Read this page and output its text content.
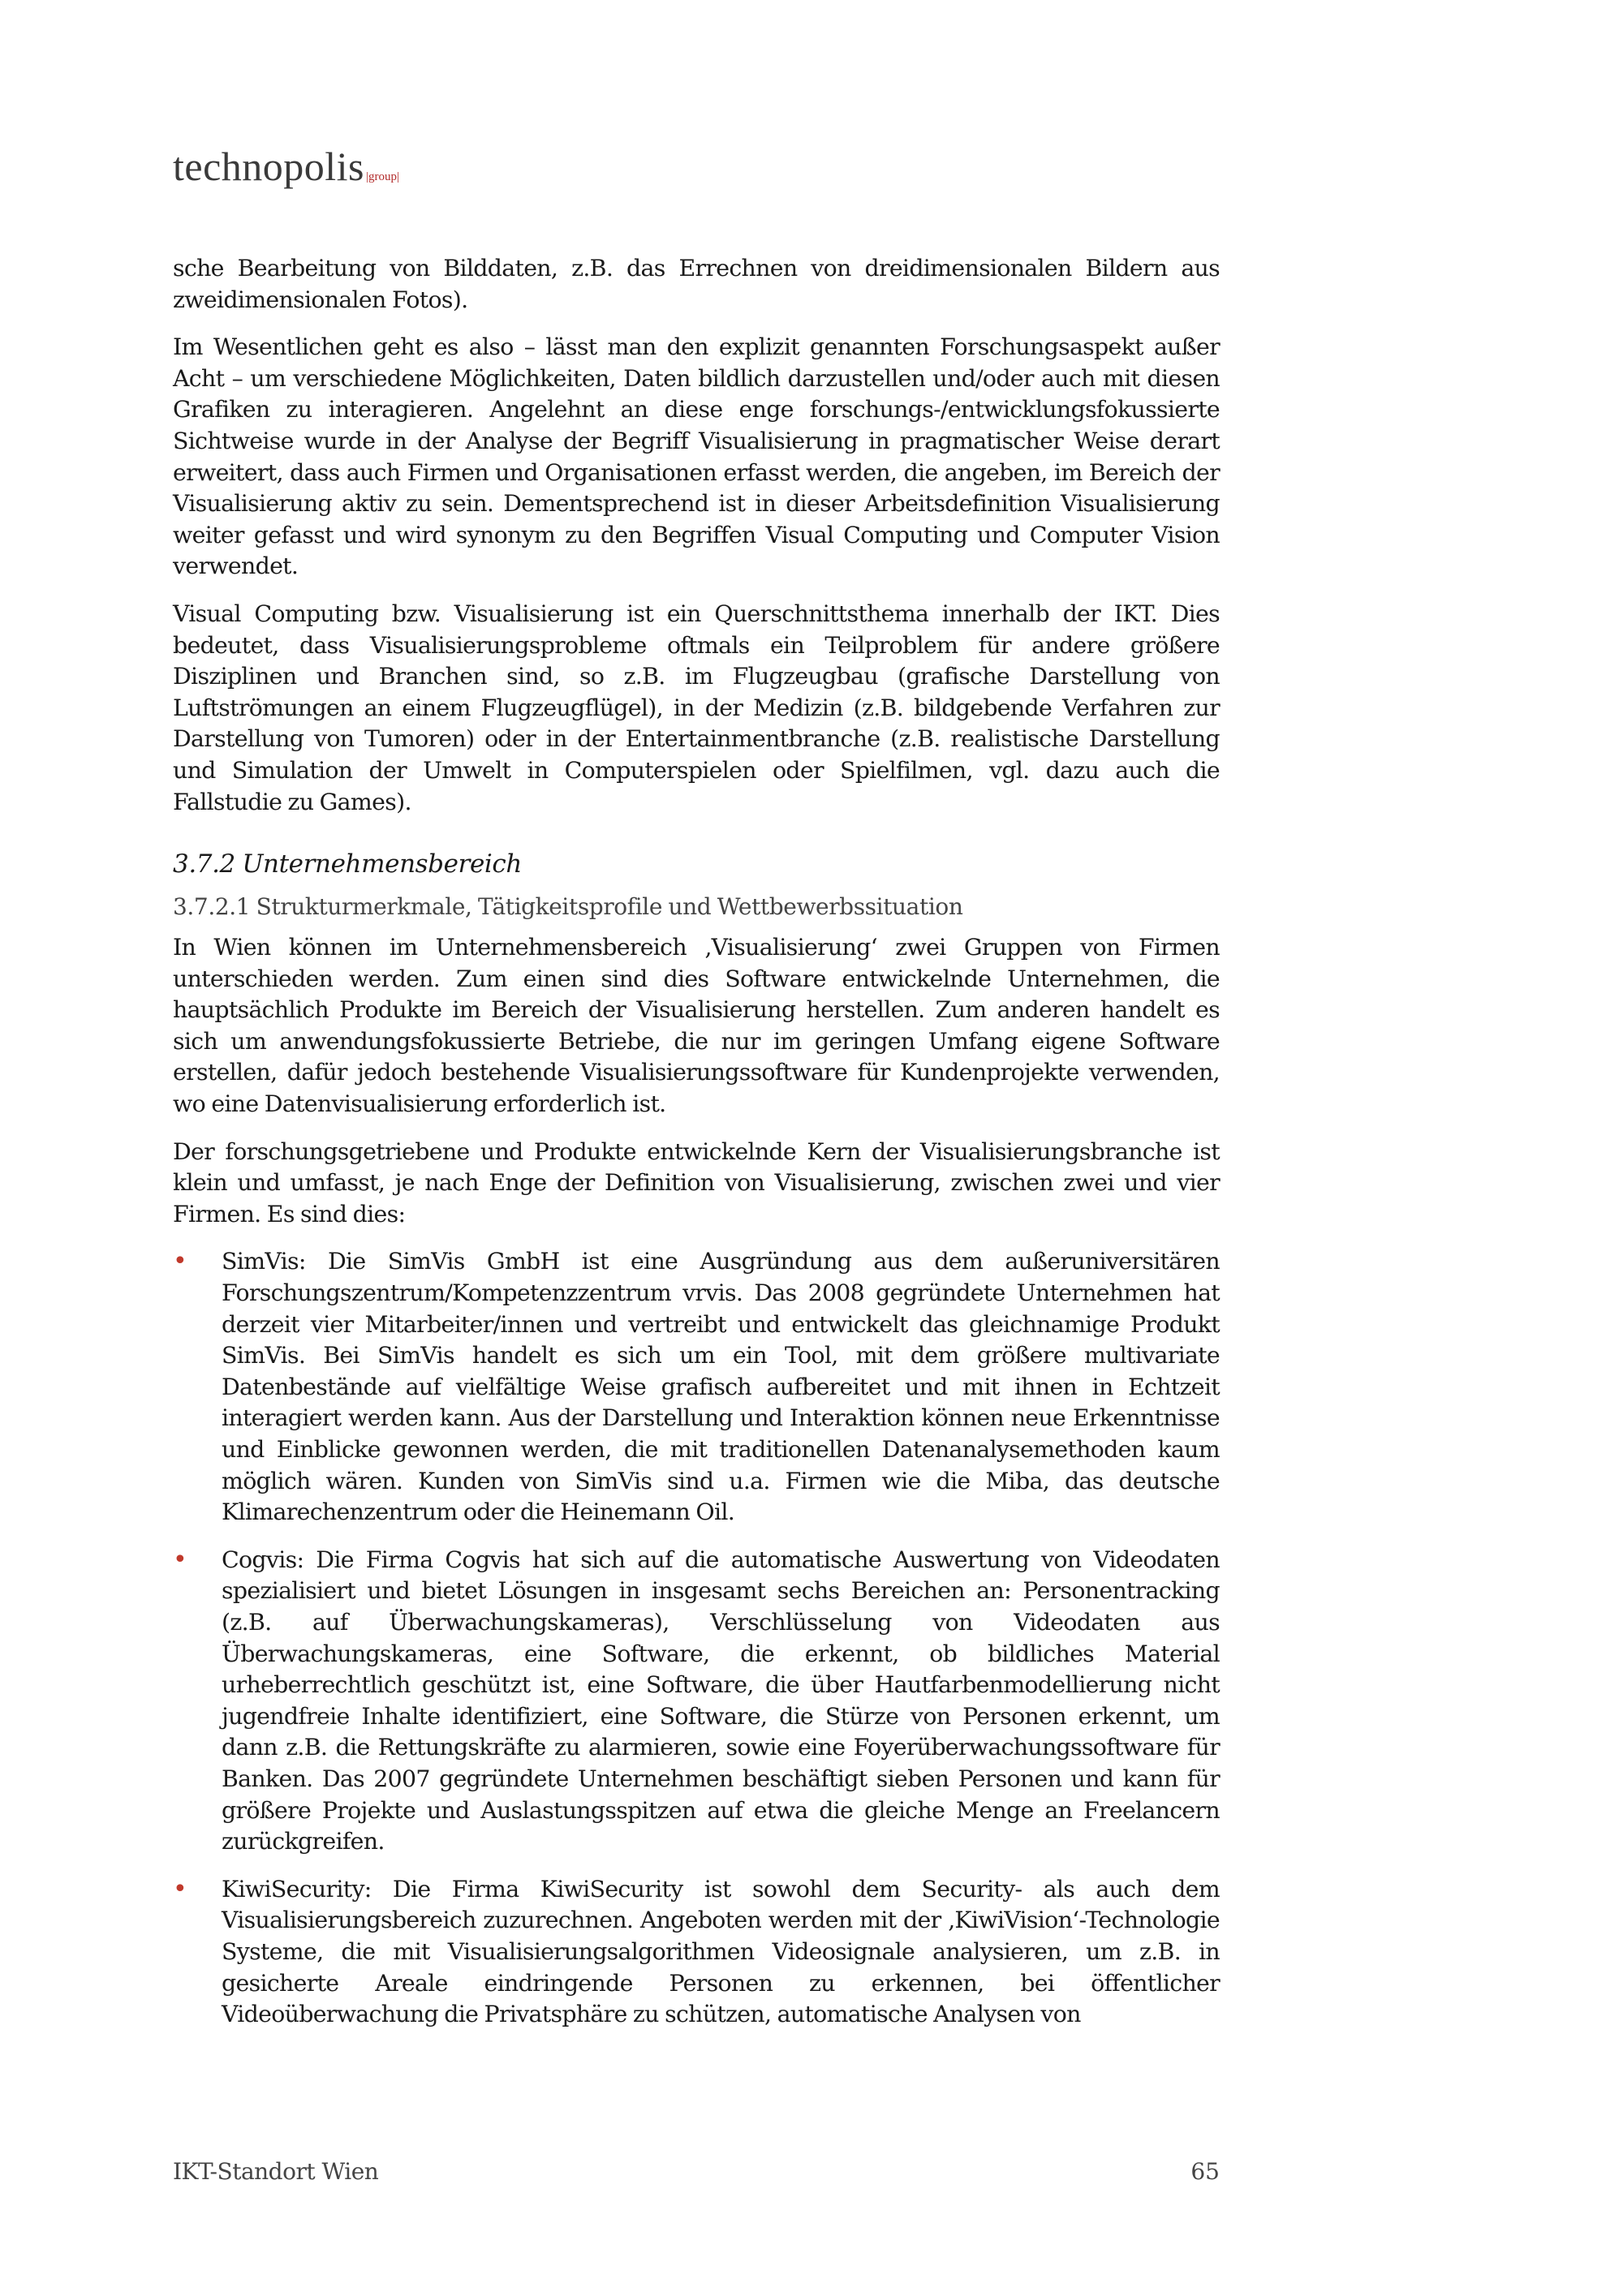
technopolis |group|

sche Bearbeitung von Bilddaten, z.B. das Errechnen von dreidimensionalen Bildern aus zweidimensionalen Fotos).

Im Wesentlichen geht es also – lässt man den explizit genannten Forschungsaspekt außer Acht – um verschiedene Möglichkeiten, Daten bildlich darzustellen und/oder auch mit diesen Grafiken zu interagieren. Angelehnt an diese enge forschungs-/entwicklungsfokussierte Sichtweise wurde in der Analyse der Begriff Visualisierung in pragmatischer Weise derart erweitert, dass auch Firmen und Organisationen erfasst werden, die angeben, im Bereich der Visualisierung aktiv zu sein. Dementsprechend ist in dieser Arbeitsdefinition Visualisierung weiter gefasst und wird synonym zu den Begriffen Visual Computing und Computer Vision verwendet.

Visual Computing bzw. Visualisierung ist ein Querschnittsthema innerhalb der IKT. Dies bedeutet, dass Visualisierungsprobleme oftmals ein Teilproblem für andere größere Disziplinen und Branchen sind, so z.B. im Flugzeugbau (grafische Darstellung von Luftströmungen an einem Flugzeugflügel), in der Medizin (z.B. bildgebende Verfahren zur Darstellung von Tumoren) oder in der Entertainmentbranche (z.B. realistische Darstellung und Simulation der Umwelt in Computerspielen oder Spielfilmen, vgl. dazu auch die Fallstudie zu Games).

3.7.2 Unternehmensbereich
3.7.2.1 Strukturmerkmale, Tätigkeitsprofile und Wettbewerbssituation

In Wien können im Unternehmensbereich ‚Visualisierung‘ zwei Gruppen von Firmen unterschieden werden. Zum einen sind dies Software entwickelnde Unternehmen, die hauptsächlich Produkte im Bereich der Visualisierung herstellen. Zum anderen handelt es sich um anwendungsfokussierte Betriebe, die nur im geringen Umfang eigene Software erstellen, dafür jedoch bestehende Visualisierungssoftware für Kundenprojekte verwenden, wo eine Datenvisualisierung erforderlich ist.

Der forschungsgetriebene und Produkte entwickelnde Kern der Visualisierungsbranche ist klein und umfasst, je nach Enge der Definition von Visualisierung, zwischen zwei und vier Firmen. Es sind dies:

• SimVis: Die SimVis GmbH ist eine Ausgründung aus dem außeruniversitären Forschungszentrum/Kompetenzzentrum vrvis. Das 2008 gegründete Unternehmen hat derzeit vier Mitarbeiter/innen und vertreibt und entwickelt das gleichnamige Produkt SimVis. Bei SimVis handelt es sich um ein Tool, mit dem größere multivariate Datenbestände auf vielfältige Weise grafisch aufbereitet und mit ihnen in Echtzeit interagiert werden kann. Aus der Darstellung und Interaktion können neue Erkenntnisse und Einblicke gewonnen werden, die mit traditionellen Datenanalysemethoden kaum möglich wären. Kunden von SimVis sind u.a. Firmen wie die Miba, das deutsche Klimarechenzentrum oder die Heinemann Oil.
• Cogvis: Die Firma Cogvis hat sich auf die automatische Auswertung von Videodaten spezialisiert und bietet Lösungen in insgesamt sechs Bereichen an: Personentracking (z.B. auf Überwachungskameras), Verschlüsselung von Videodaten aus Überwachungskameras, eine Software, die erkennt, ob bildliches Material urheberrechtlich geschützt ist, eine Software, die über Hautfarbenmodellierung nicht jugendfreie Inhalte identifiziert, eine Software, die Stürze von Personen erkennt, um dann z.B. die Rettungskräfte zu alarmieren, sowie eine Foyerüberwachungssoftware für Banken. Das 2007 gegründete Unternehmen beschäftigt sieben Personen und kann für größere Projekte und Auslastungsspitzen auf etwa die gleiche Menge an Freelancern zurückgreifen.
• KiwiSecurity: Die Firma KiwiSecurity ist sowohl dem Security- als auch dem Visualisierungsbereich zuzurechnen. Angeboten werden mit der ‚KiwiVision‘-Technologie Systeme, die mit Visualisierungsalgorithmen Videosignale analysieren, um z.B. in gesicherte Areale eindringende Personen zu erkennen, bei öffentlicher Videoüberwachung die Privatsphäre zu schützen, automatische Analysen von
IKT-Standort Wien	65
